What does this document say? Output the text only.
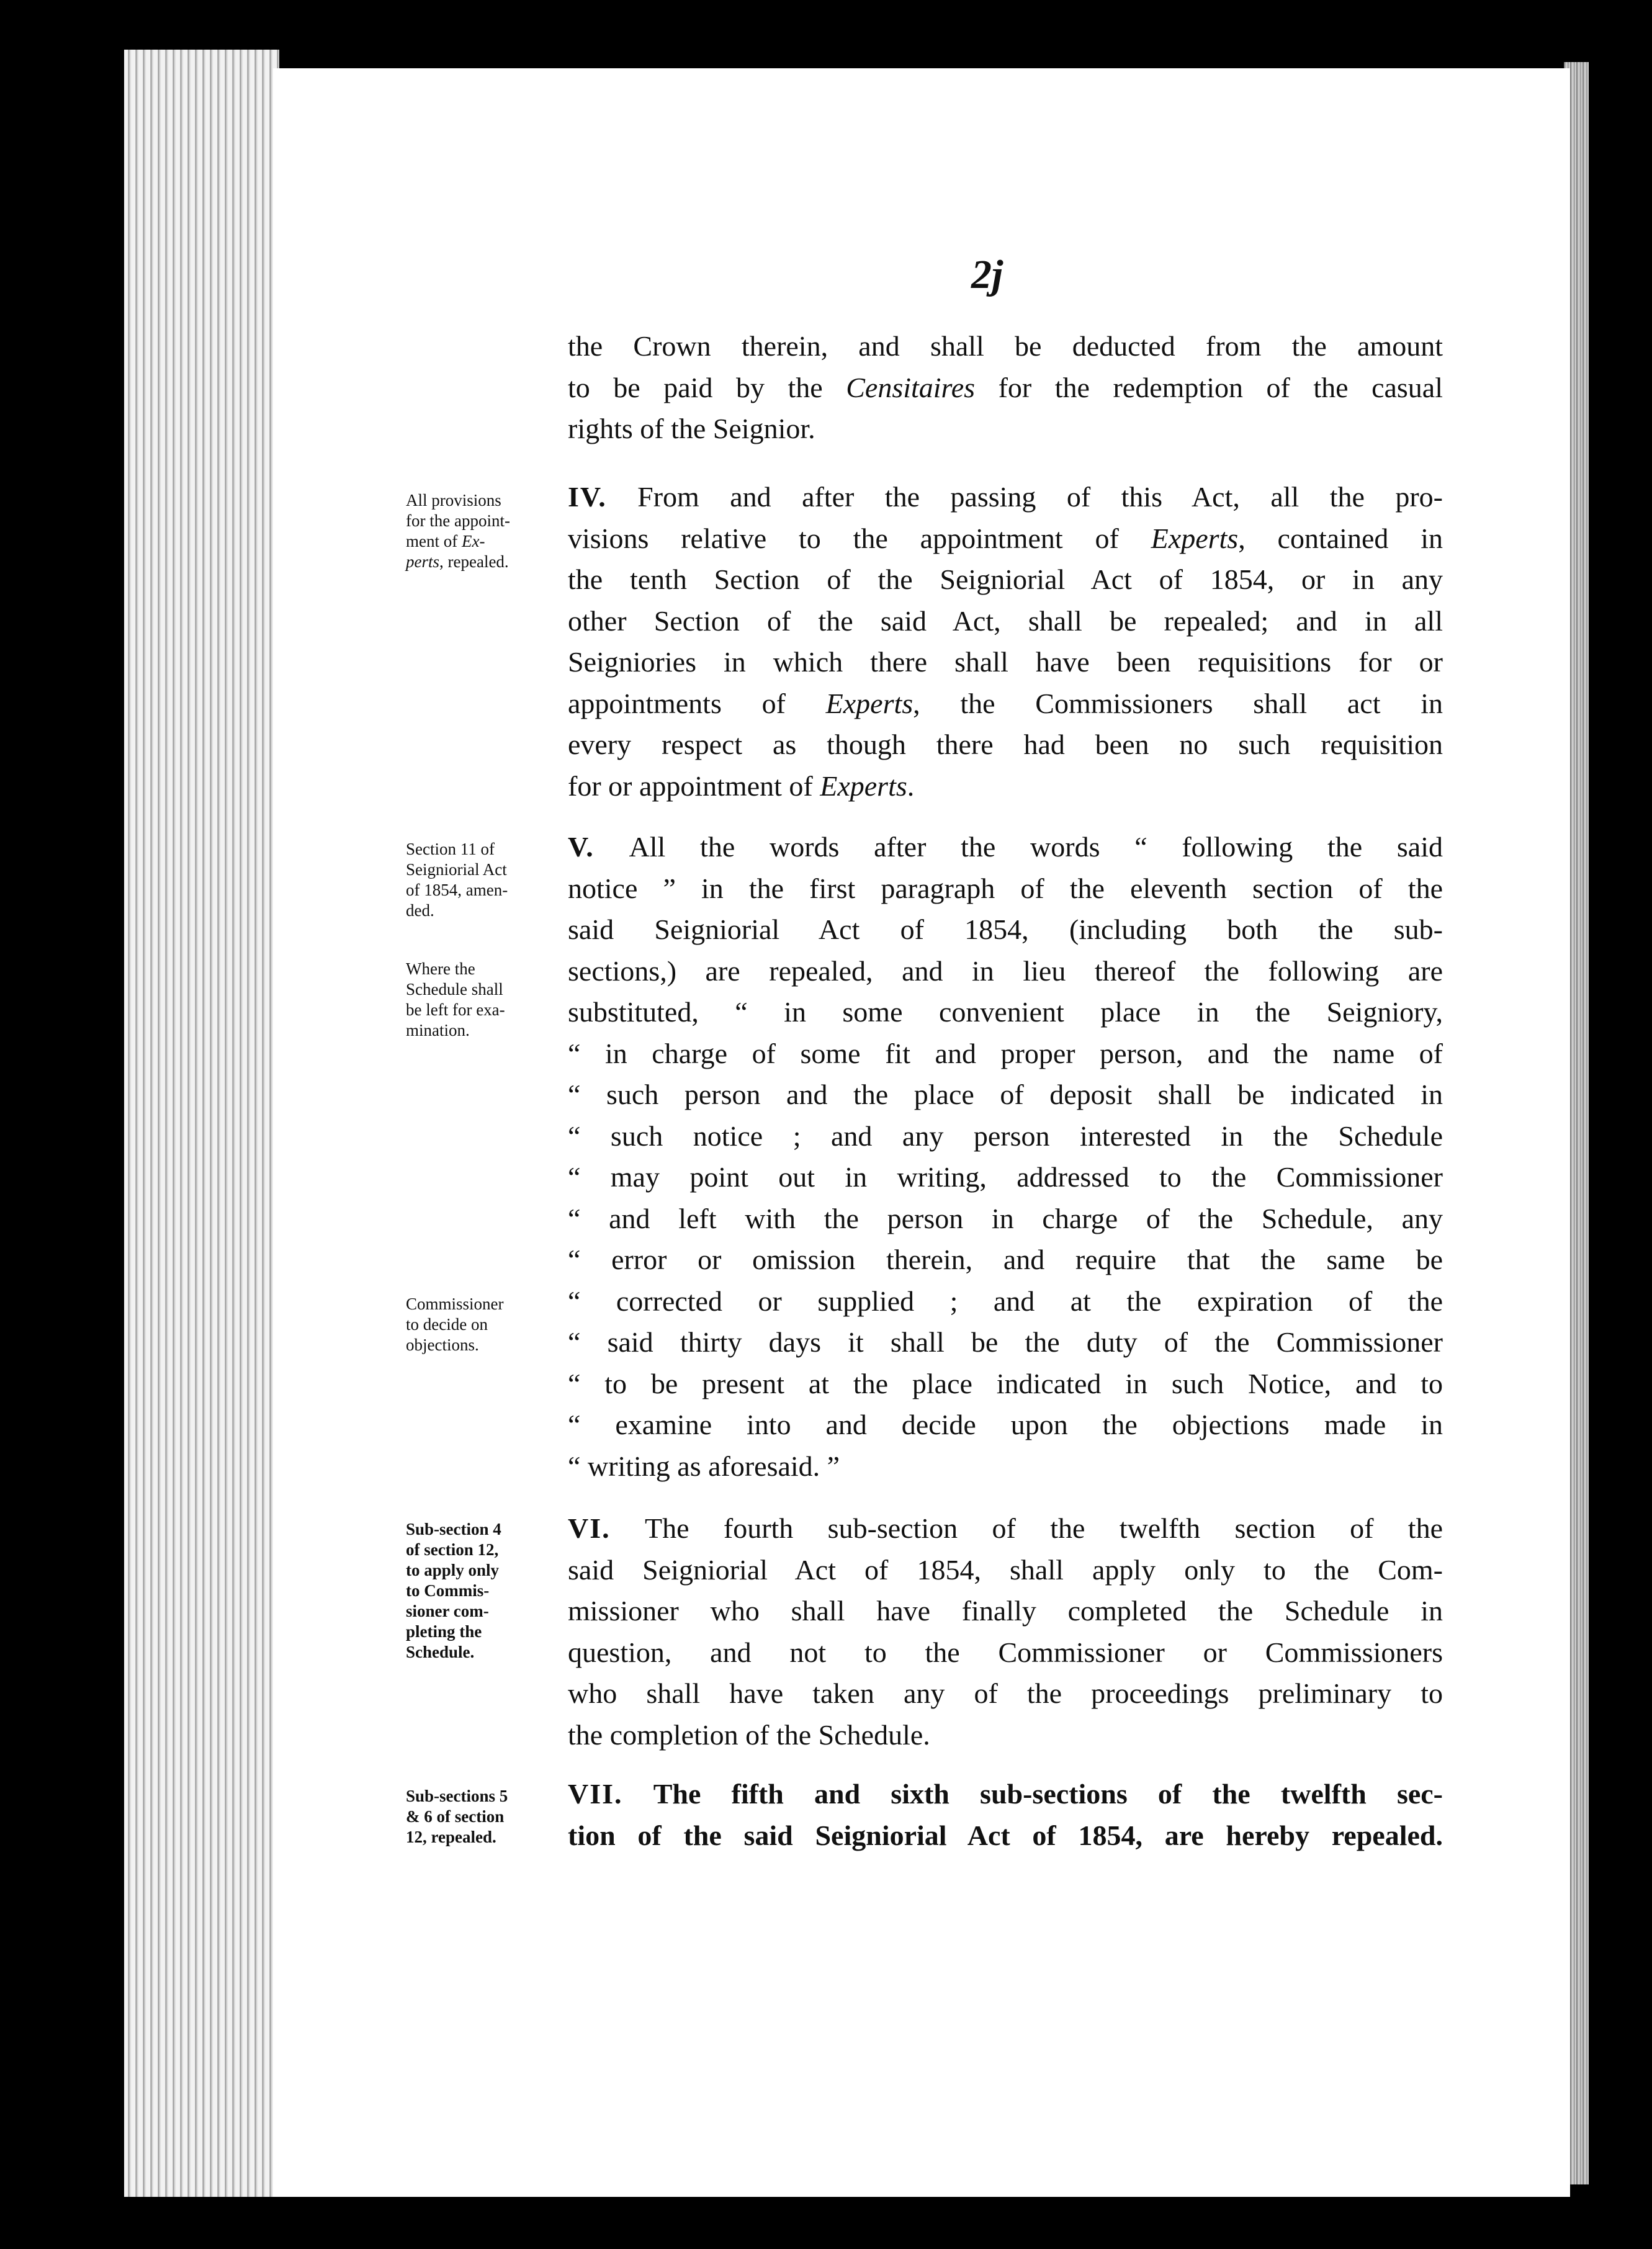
2j
the Crown therein, and shall be deducted from the amount
to be paid by the Censitaires for the redemption of the casual
rights of the Seignior.
IV. From and after the passing of this Act, all the pro-
visions relative to the appointment of Experts, contained in
the tenth Section of the Seigniorial Act of 1854, or in any
other Section of the said Act, shall be repealed; and in all
Seigniories in which there shall have been requisitions for or
appointments of Experts, the Commissioners shall act in
every respect as though there had been no such requisition
for or appointment of Experts.
V. All the words after the words “ following the said
notice ” in the first paragraph of the eleventh section of the
said Seigniorial Act of 1854, (including both the sub-
sections,) are repealed, and in lieu thereof the following are
substituted, “ in some convenient place in the Seigniory,
“ in charge of some fit and proper person, and the name of
“ such person and the place of deposit shall be indicated in
“ such notice ; and any person interested in the Schedule
“ may point out in writing, addressed to the Commissioner
“ and left with the person in charge of the Schedule, any
“ error or omission therein, and require that the same be
“ corrected or supplied ; and at the expiration of the
“ said thirty days it shall be the duty of the Commissioner
“ to be present at the place indicated in such Notice, and to
“ examine into and decide upon the objections made in
“ writing as aforesaid. ”
VI. The fourth sub-section of the twelfth section of the
said Seigniorial Act of 1854, shall apply only to the Com-
missioner who shall have finally completed the Schedule in
question, and not to the Commissioner or Commissioners
who shall have taken any of the proceedings preliminary to
the completion of the Schedule.
VII. The fifth and sixth sub-sections of the twelfth sec-
tion of the said Seigniorial Act of 1854, are hereby repealed.
All provisions
for the appoint-
ment of Ex-
perts, repealed.
Section 11 of
Seigniorial Act
of 1854, amen-
ded.
Where the
Schedule shall
be left for exa-
mination.
Commissioner
to decide on
objections.
Sub-section 4
of section 12,
to apply only
to Commis-
sioner com-
pleting the
Schedule.
Sub-sections 5
& 6 of section
12, repealed.
